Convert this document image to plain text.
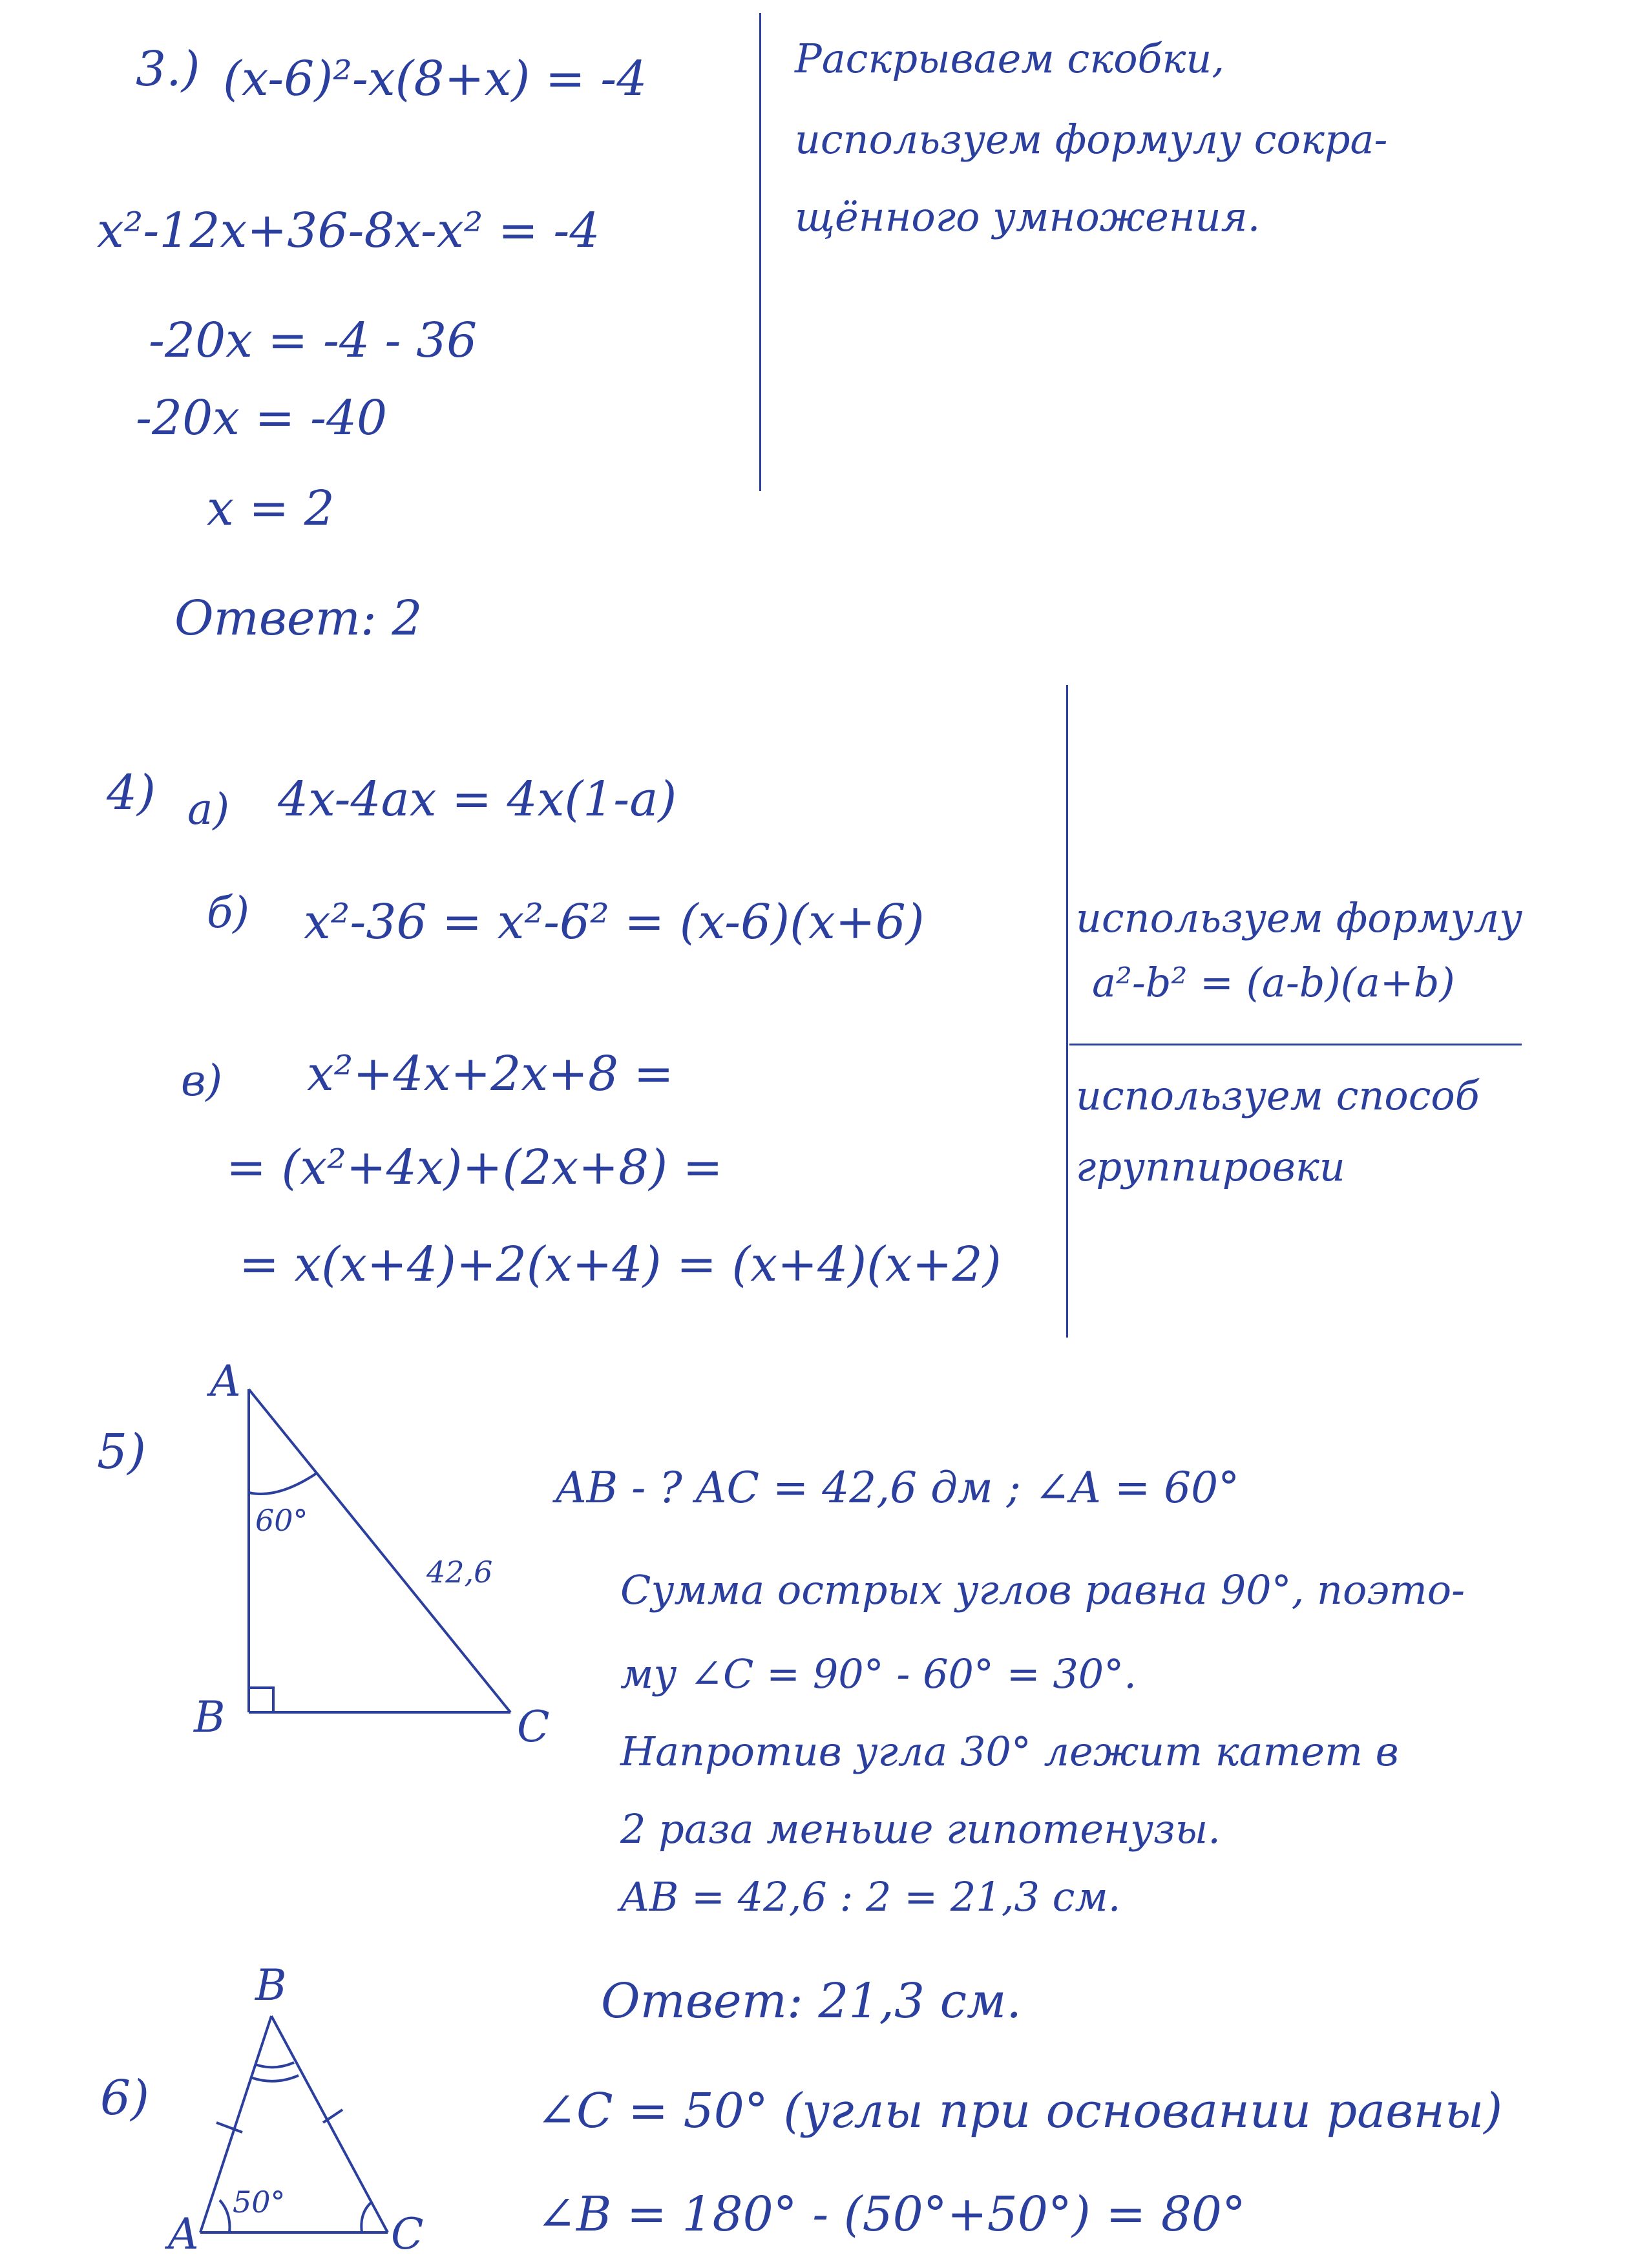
3.) (x-6)²-x(8+x) = -4
x²-12x+36-8x-x² = -4
-20x = -4 - 36
-20x = -40
x = 2
Ответ: 2
Раскрываем скобки,
используем формулу сокра-
щённого умножения.
4) а) 4x-4ax = 4x(1-a)
б) x²-36 = x²-6² = (x-6)(x+6)
в) x²+4x+2x+8 =
= (x²+4x)+(2x+8) =
= x(x+4)+2(x+4) = (x+4)(x+2)
используем формулу
a²-b² = (a-b)(a+b)
используем способ
группировки
5)
A
B	C
60°
42,6
AB - ? AC = 42,6 дм ; ∠A = 60°
Сумма острых углов равна 90°, поэто-
му ∠C = 90° - 60° = 30°.
Напротив угла 30° лежит катет в
2 раза меньше гипотенузы.
AB = 42,6 : 2 = 21,3 см.
Ответ: 21,3 см.
6)
B
A	C
50°
∠C = 50° (углы при основании равны)
∠B = 180° - (50°+50°) = 80°
